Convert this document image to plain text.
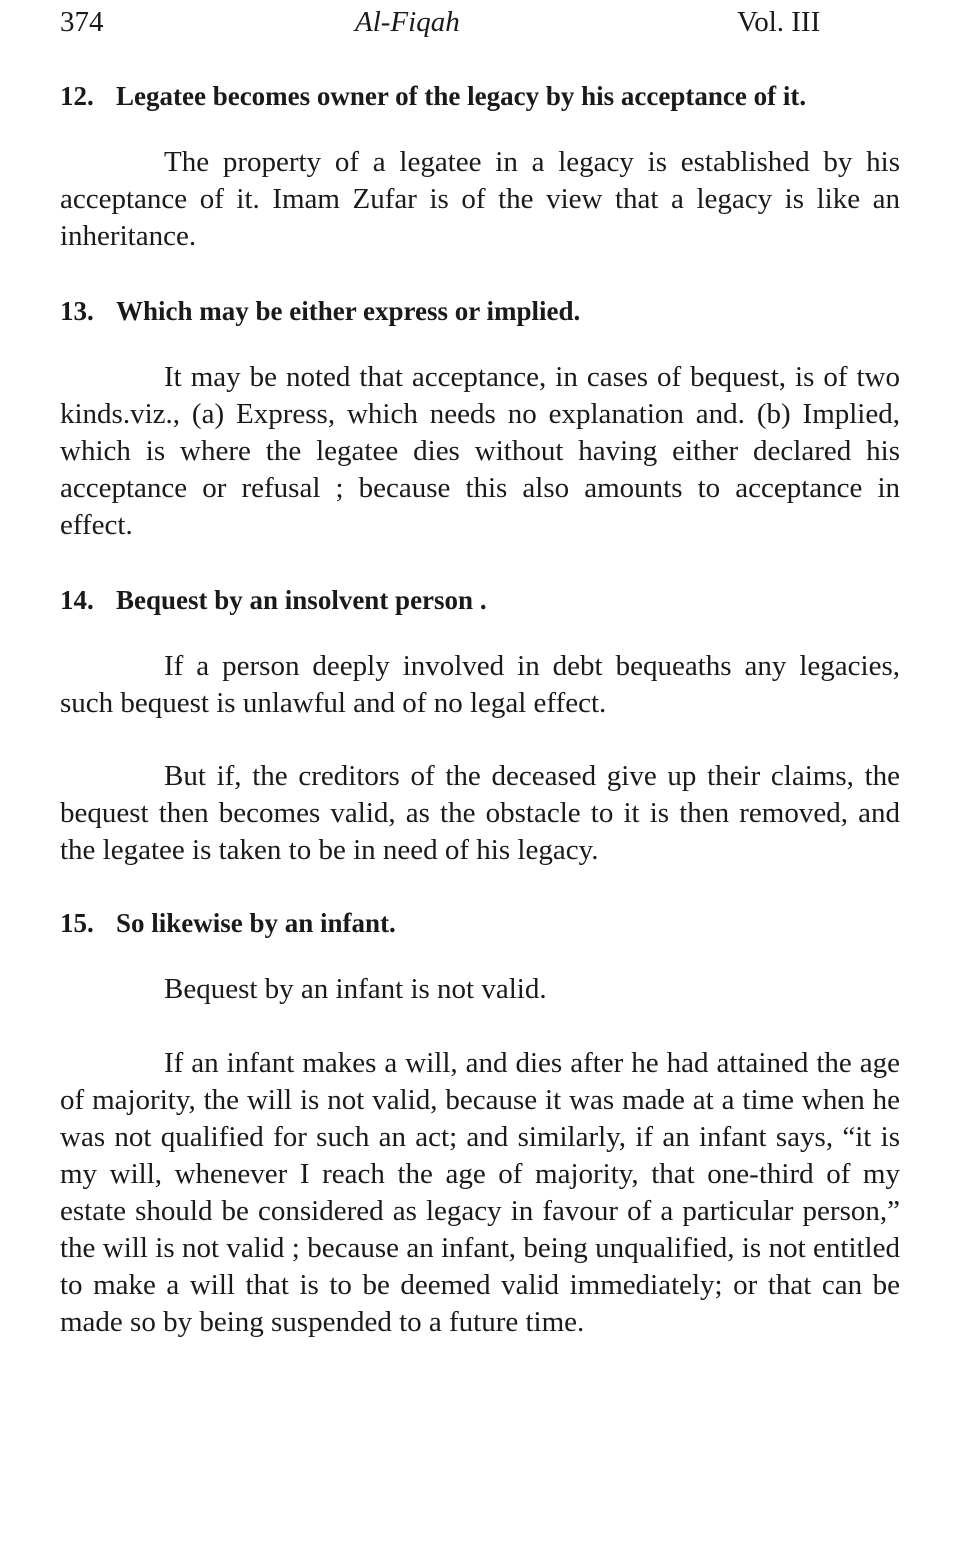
374	Al-Fiqah	Vol. III
12. Legatee becomes owner of the legacy by his acceptance of it.

The property of a legatee in a legacy is established by his acceptance of it. Imam Zufar is of the view that a legacy is like an inheritance.

13. Which may be either express or implied.

It may be noted that acceptance, in cases of bequest, is of two kinds.viz., (a) Express, which needs no explanation and. (b) Implied, which is where the legatee dies without having either declared his acceptance or refusal ; because this also amounts to acceptance in effect.

14. Bequest by an insolvent person .

If a person deeply involved in debt bequeaths any legacies, such bequest is unlawful and of no legal effect.

But if, the creditors of the deceased give up their claims, the bequest then becomes valid, as the obstacle to it is then removed, and the legatee is taken to be in need of his legacy.

15. So likewise by an infant.

Bequest by an infant is not valid.

If an infant makes a will, and dies after he had attained the age of majority, the will is not valid, because it was made at a time when he was not qualified for such an act; and similarly, if an infant says, “it is my will, whenever I reach the age of majority, that one-third of my estate should be considered as legacy in favour of a particular person,” the will is not valid ; because an infant, being unqualified, is not entitled to make a will that is to be deemed valid immediately; or that can be made so by being suspended to a future time.
